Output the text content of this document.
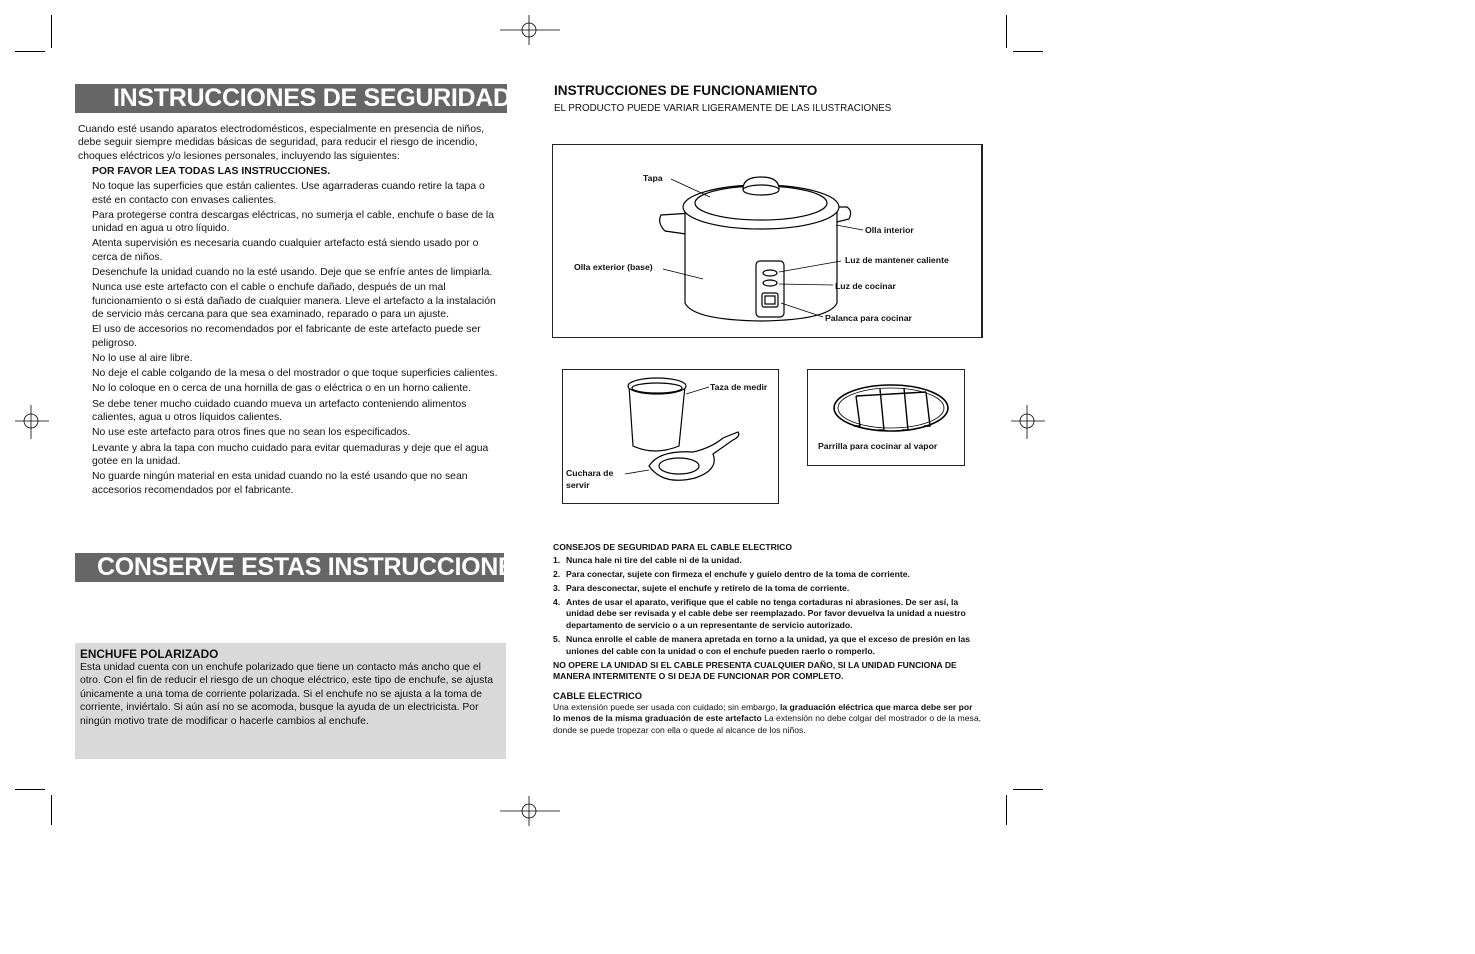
INSTRUCCIONES DE SEGURIDAD
Cuando esté usando aparatos electrodomésticos, especialmente en presencia de niños, debe seguir siempre medidas básicas de seguridad, para reducir el riesgo de incendio, choques eléctricos y/o lesiones personales, incluyendo las siguientes:

POR FAVOR LEA TODAS LAS INSTRUCCIONES.

No toque las superficies que están calientes. Use agarraderas cuando retire la tapa o esté en contacto con envases calientes.

Para protegerse contra descargas eléctricas, no sumerja el cable, enchufe o base de la unidad en agua u otro líquido.

Atenta supervisión es necesaria cuando cualquier artefacto está siendo usado por o cerca de niños.

Desenchufe la unidad cuando no la esté usando. Deje que se enfríe antes de limpiarla.

Nunca use este artefacto con el cable o enchufe dañado, después de un mal funcionamiento o si está dañado de cualquier manera. Lleve el artefacto a la instalación de servicio más cercana para que sea examinado, reparado o para un ajuste.

El uso de accesorios no recomendados por el fabricante de este artefacto puede ser peligroso.

No lo use al aire libre.

No deje el cable colgando de la mesa o del mostrador o que toque superficies calientes.

No lo coloque en o cerca de una hornilla de gas o eléctrica o en un horno caliente.

Se debe tener mucho cuidado cuando mueva un artefacto conteniendo alimentos calientes, agua u otros líquidos calientes.

No use este artefacto para otros fines que no sean los especificados.

Levante y abra la tapa con mucho cuidado para evitar quemaduras y deje que el agua gotee en la unidad.

No guarde ningún material en esta unidad cuando no la esté usando que no sean accesorios recomendados por el fabricante.

CONSERVE ESTAS INSTRUCCIONES
ENCHUFE POLARIZADO
Esta unidad cuenta con un enchufe polarizado que tiene un contacto más ancho que el otro. Con el fin de reducir el riesgo de un choque eléctrico, este tipo de enchufe, se ajusta únicamente a una toma de corriente polarizada. Si el enchufe no se ajusta a la toma de corriente, inviértalo. Si aún así no se acomoda, busque la ayuda de un electricista. Por ningún motivo trate de modificar o hacerle cambios al enchufe.
INSTRUCCIONES DE FUNCIONAMIENTO
EL PRODUCTO PUEDE VARIAR LIGERAMENTE DE LAS ILUSTRACIONES
Tapa
Olla interior
Olla exterior (base)
Luz de mantener caliente
Luz de cocinar
Palanca para cocinar
Taza de medir
Cuchara de
servir
Parrilla para cocinar al vapor
CONSEJOS DE SEGURIDAD PARA EL CABLE ELECTRICO
1. Nunca hale ni tire del cable ni de la unidad.
2. Para conectar, sujete con firmeza el enchufe y guíelo dentro de la toma de corriente.
3. Para desconectar, sujete el enchufe y retírelo de la toma de corriente.
4. Antes de usar el aparato, verifique que el cable no tenga cortaduras ni abrasiones. De ser así, la unidad debe ser revisada y el cable debe ser reemplazado. Por favor devuelva la unidad a nuestro departamento de servicio o a un representante de servicio autorizado.
5. Nunca enrolle el cable de manera apretada en torno a la unidad, ya que el exceso de presión en las uniones del cable con la unidad o con el enchufe pueden raerlo o romperlo.
NO OPERE LA UNIDAD SI EL CABLE PRESENTA CUALQUIER DAÑO, SI LA UNIDAD FUNCIONA DE MANERA INTERMITENTE O SI DEJA DE FUNCIONAR POR COMPLETO.
CABLE ELECTRICO
Una extensión puede ser usada con cuidado; sin embargo, la graduación eléctrica que marca debe ser por lo menos de la misma graduación de este artefacto La extensión no debe colgar del mostrador o de la mesa, donde se puede tropezar con ella o quede al alcance de los niños.
